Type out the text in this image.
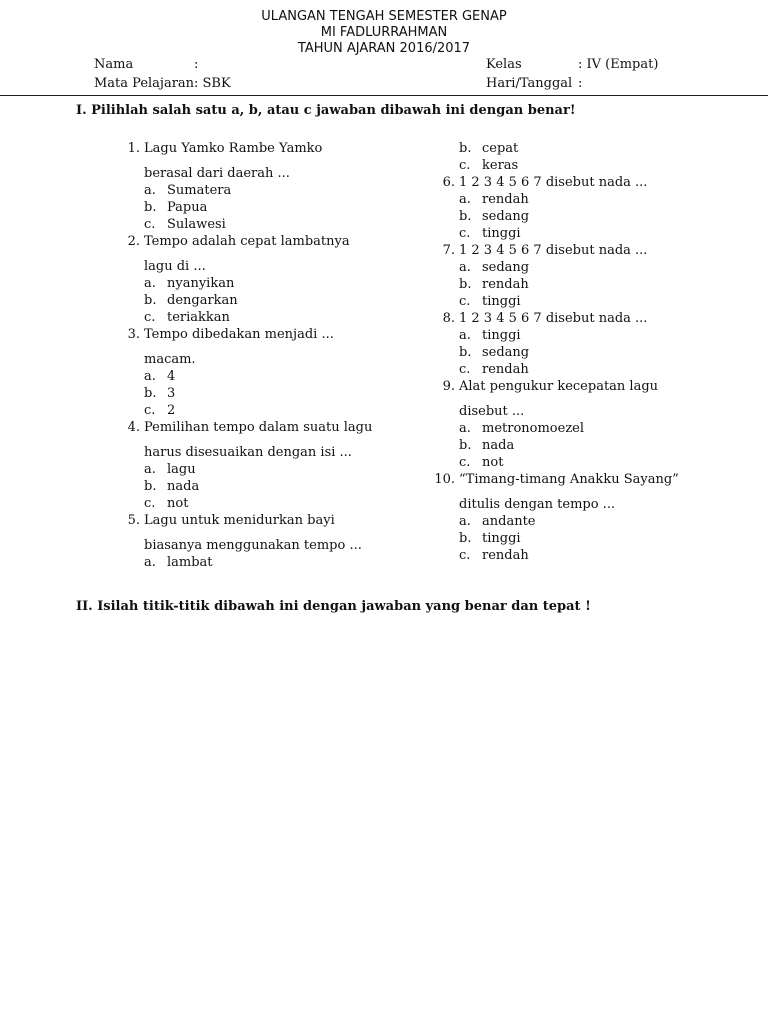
ULANGAN TENGAH SEMESTER GENAP
MI FADLURRAHMAN
TAHUN AJARAN 2016/2017
Nama	:	Kelas	: IV (Empat)
Mata Pelajaran : SBK	Hari/Tanggal :
I. Pilihlah salah satu a, b, atau c jawaban dibawah ini dengan benar!
1. Lagu Yamko Rambe Yamko
berasal dari daerah ...
a. Sumatera
b. Papua
c. Sulawesi
2. Tempo adalah cepat lambatnya
lagu di ...
a. nyanyikan
b. dengarkan
c. teriakkan
3. Tempo dibedakan menjadi ...
macam.
a. 4
b. 3
c. 2
4. Pemilihan tempo dalam suatu lagu
harus disesuaikan dengan isi ...
a. lagu
b. nada
c. not
5. Lagu untuk menidurkan bayi
biasanya menggunakan tempo ...
a. lambat
b. cepat
c. keras
6. 1 2 3 4 5 6 7 disebut nada ...
a. rendah
b. sedang
c. tinggi
7. 1 2 3 4 5 6 7 disebut nada ...
a. sedang
b. rendah
c. tinggi
8. 1 2 3 4 5 6 7 disebut nada ...
a. tinggi
b. sedang
c. rendah
9. Alat pengukur kecepatan lagu
disebut ...
a. metronomoezel
b. nada
c. not
10. “Timang-timang Anakku Sayang”
ditulis dengan tempo ...
a. andante
b. tinggi
c. rendah
II. Isilah titik-titik dibawah ini dengan jawaban yang benar dan tepat !
